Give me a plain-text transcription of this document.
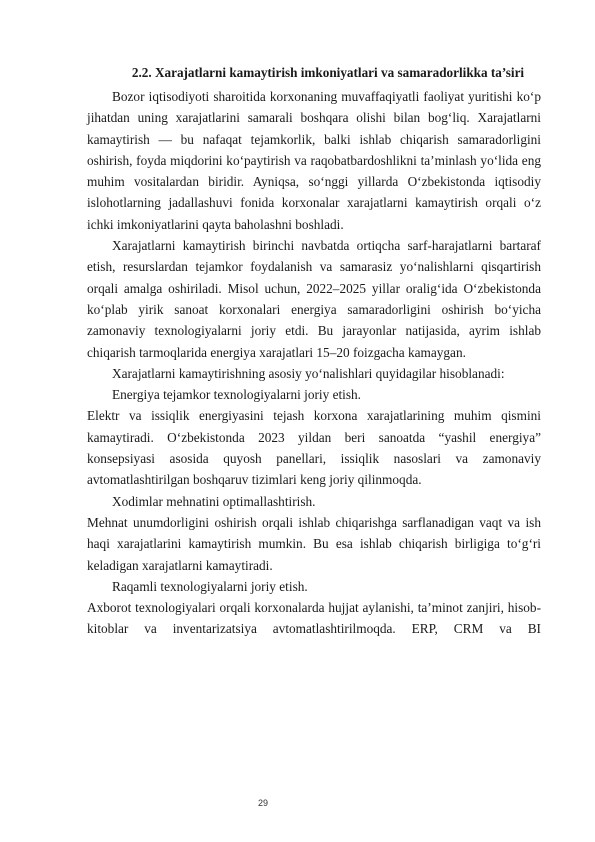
2.2. Xarajatlarni kamaytirish imkoniyatlari va samaradorlikka ta’siri

Bozor iqtisodiyoti sharoitida korxonaning muvaffaqiyatli faoliyat yuritishi ko‘p jihatdan uning xarajatlarini samarali boshqara olishi bilan bog‘liq. Xarajatlarni kamaytirish — bu nafaqat tejamkorlik, balki ishlab chiqarish samaradorligini oshirish, foyda miqdorini ko‘paytirish va raqobatbardoshlikni ta’minlash yo‘lida eng muhim vositalardan biridir. Ayniqsa, so‘nggi yillarda O‘zbekistonda iqtisodiy islohotlarning jadallashuvi fonida korxonalar xarajatlarni kamaytirish orqali o‘z ichki imkoniyatlarini qayta baholashni boshladi.

Xarajatlarni kamaytirish birinchi navbatda ortiqcha sarf-harajatlarni bartaraf etish, resurslardan tejamkor foydalanish va samarasiz yo‘nalishlarni qisqartirish orqali amalga oshiriladi. Misol uchun, 2022–2025 yillar oralig‘ida O‘zbekistonda ko‘plab yirik sanoat korxonalari energiya samaradorligini oshirish bo‘yicha zamonaviy texnologiyalarni joriy etdi. Bu jarayonlar natijasida, ayrim ishlab chiqarish tarmoqlarida energiya xarajatlari 15–20 foizgacha kamaygan.

Xarajatlarni kamaytirishning asosiy yo‘nalishlari quyidagilar hisoblanadi:

Energiya tejamkor texnologiyalarni joriy etish.

Elektr va issiqlik energiyasini tejash korxona xarajatlarining muhim qismini kamaytiradi. O‘zbekistonda 2023 yildan beri sanoatda “yashil energiya” konsepsiyasi asosida quyosh panellari, issiqlik nasoslari va zamonaviy avtomatlashtirilgan boshqaruv tizimlari keng joriy qilinmoqda.

Xodimlar mehnatini optimallashtirish.

Mehnat unumdorligini oshirish orqali ishlab chiqarishga sarflanadigan vaqt va ish haqi xarajatlarini kamaytirish mumkin. Bu esa ishlab chiqarish birligiga to‘g‘ri keladigan xarajatlarni kamaytiradi.

Raqamli texnologiyalarni joriy etish.

Axborot texnologiyalari orqali korxonalarda hujjat aylanishi, ta’minot zanjiri, hisob-kitoblar va inventarizatsiya avtomatlashtirilmoqda. ERP, CRM va BI

29
